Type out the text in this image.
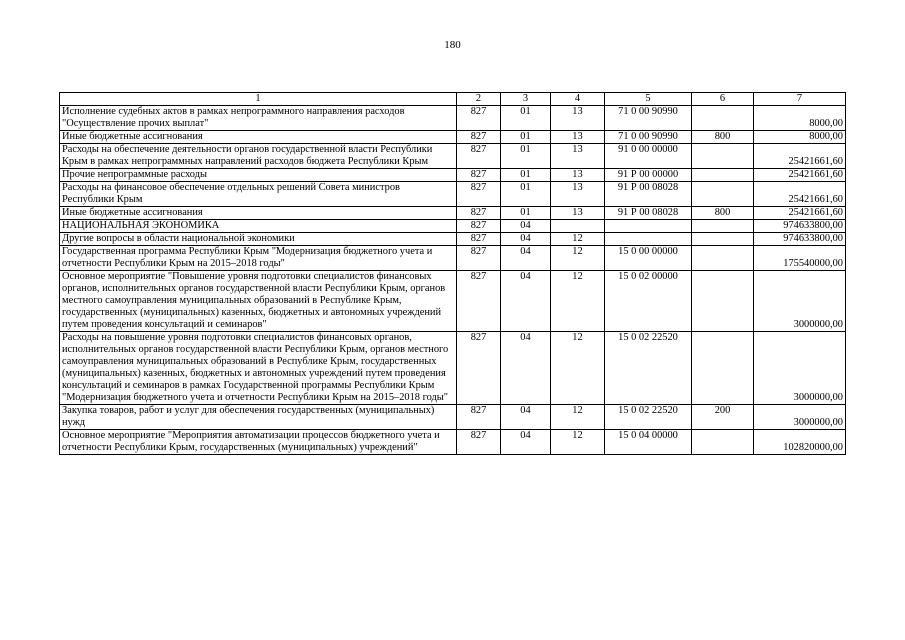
180
1	2	3	4	5	6	7
Исполнение судебных актов в рамках непрограммного направления расходов "Осуществление прочих выплат"	827	01	13	71 0 00 90990		8000,00
Иные бюджетные ассигнования	827	01	13	71 0 00 90990	800	8000,00
Расходы на обеспечение деятельности органов государственной власти Республики Крым в рамках непрограммных направлений расходов бюджета Республики Крым	827	01	13	91 0 00 00000		25421661,60
Прочие непрограммные расходы	827	01	13	91 Р 00 00000		25421661,60
Расходы на финансовое обеспечение отдельных решений Совета министров Республики Крым	827	01	13	91 Р 00 08028		25421661,60
Иные бюджетные ассигнования	827	01	13	91 Р 00 08028	800	25421661,60
НАЦИОНАЛЬНАЯ ЭКОНОМИКА	827	04				974633800,00
Другие вопросы в области национальной экономики	827	04	12			974633800,00
Государственная программа Республики Крым "Модернизация бюджетного учета и отчетности Республики Крым на 2015–2018 годы"	827	04	12	15 0 00 00000		175540000,00
Основное мероприятие "Повышение уровня подготовки специалистов финансовых органов, исполнительных органов государственной власти Республики Крым, органов местного самоуправления муниципальных образований в Республике Крым, государственных (муниципальных) казенных, бюджетных и автономных учреждений путем проведения консультаций и семинаров"	827	04	12	15 0 02 00000		3000000,00
Расходы на повышение уровня подготовки специалистов финансовых органов, исполнительных органов государственной власти Республики Крым, органов местного самоуправления муниципальных образований в Республике Крым, государственных (муниципальных) казенных, бюджетных и автономных учреждений путем проведения консультаций и семинаров в рамках Государственной программы Республики Крым "Модернизация бюджетного учета и отчетности Республики Крым на 2015–2018 годы"	827	04	12	15 0 02 22520		3000000,00
Закупка товаров, работ и услуг для обеспечения государственных (муниципальных) нужд	827	04	12	15 0 02 22520	200	3000000,00
Основное мероприятие "Мероприятия автоматизации процессов бюджетного учета и отчетности Республики Крым, государственных (муниципальных) учреждений"	827	04	12	15 0 04 00000		102820000,00
